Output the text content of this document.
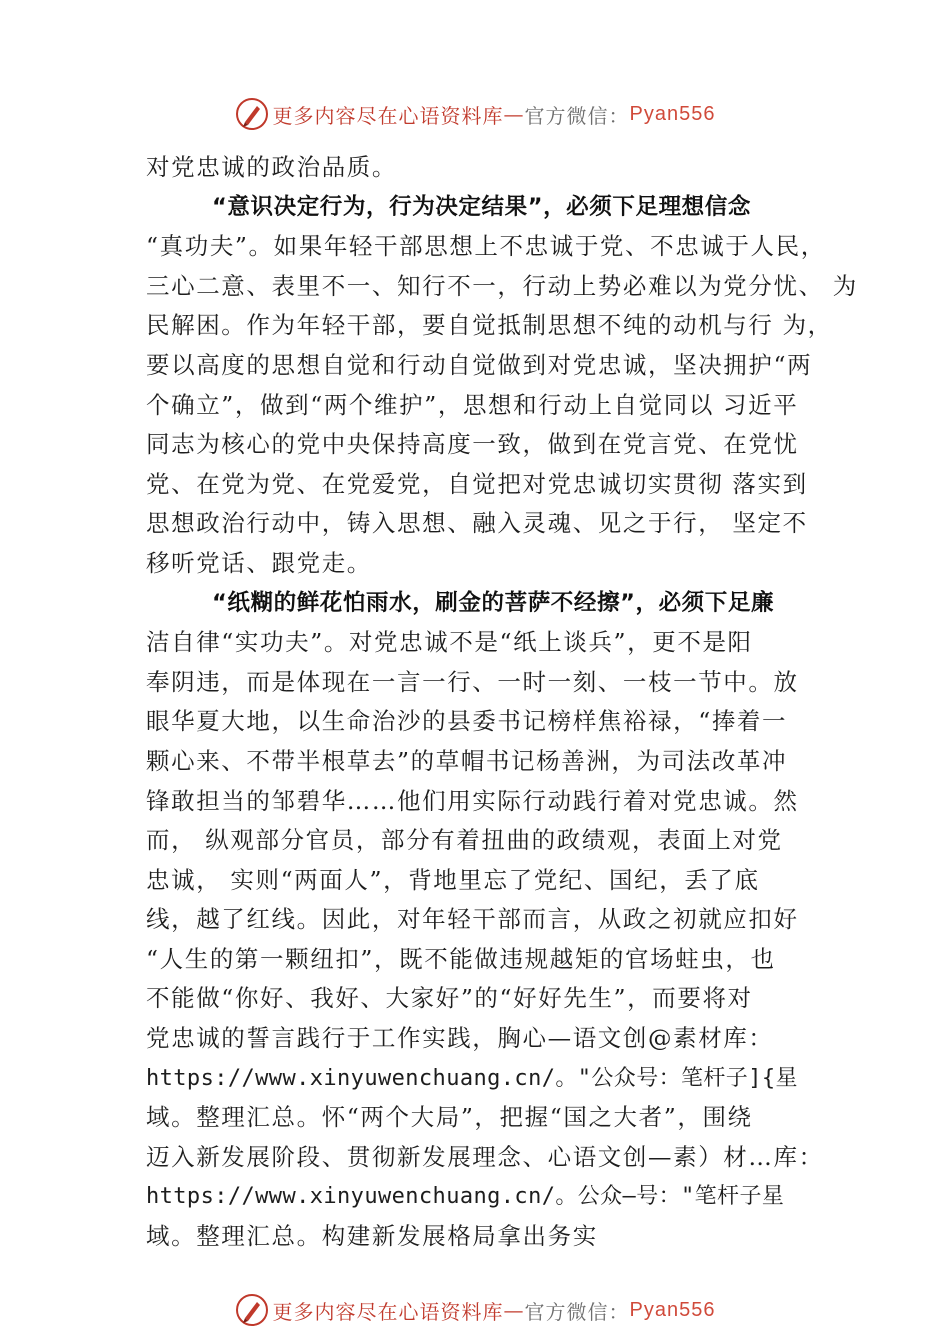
更多内容尽在心语资料库 — 官方微信： Pyan556
对党忠诚的政治品质。
“意识决定行为，行为决定结果”，必须下足理想信念
“真功夫”。如果年轻干部思想上不忠诚于党、不忠诚于人民，
三心二意、表里不一、知行不一，行动上势必难以为党分忧、 为
民解困。作为年轻干部，要自觉抵制思想不纯的动机与行 为，
要以高度的思想自觉和行动自觉做到对党忠诚，坚决拥护“两
个确立”，做到“两个维护”，思想和行动上自觉同以 习近平
同志为核心的党中央保持高度一致，做到在党言党、在党忧
党、在党为党、在党爱党，自觉把对党忠诚切实贯彻 落实到
思想政治行动中，铸入思想、融入灵魂、见之于行， 坚定不
移听党话、跟党走。
“纸糊的鲜花怕雨水，刷金的菩萨不经擦”，必须下足廉
洁自律“实功夫”。对党忠诚不是“纸上谈兵”，更不是阳
奉阴违，而是体现在一言一行、一时一刻、一枝一节中。放
眼华夏大地，以生命治沙的县委书记榜样焦裕禄，“捧着一
颗心来、不带半根草去”的草帽书记杨善洲，为司法改革冲
锋敢担当的邹碧华……他们用实际行动践行着对党忠诚。然
而， 纵观部分官员，部分有着扭曲的政绩观，表面上对党
忠诚， 实则“两面人”，背地里忘了党纪、国纪，丢了底
线，越了红线。因此，对年轻干部而言，从政之初就应扣好
“人生的第一颗纽扣”，既不能做违规越矩的官场蛀虫，也
不能做“你好、我好、大家好”的“好好先生”，而要将对
党忠诚的誓言践行于工作实践，胸心—语文创@素材库：
https://www.xinyuwenchuang.cn/。"公众号：笔杆子]{星
域。整理汇总。怀“两个大局”，把握“国之大者”，围绕
迈入新发展阶段、贯彻新发展理念、心语文创—素）材…库：
https://www.xinyuwenchuang.cn/。公众—号："笔杆子星
域。整理汇总。构建新发展格局拿出务实
更多内容尽在心语资料库 — 官方微信： Pyan556
